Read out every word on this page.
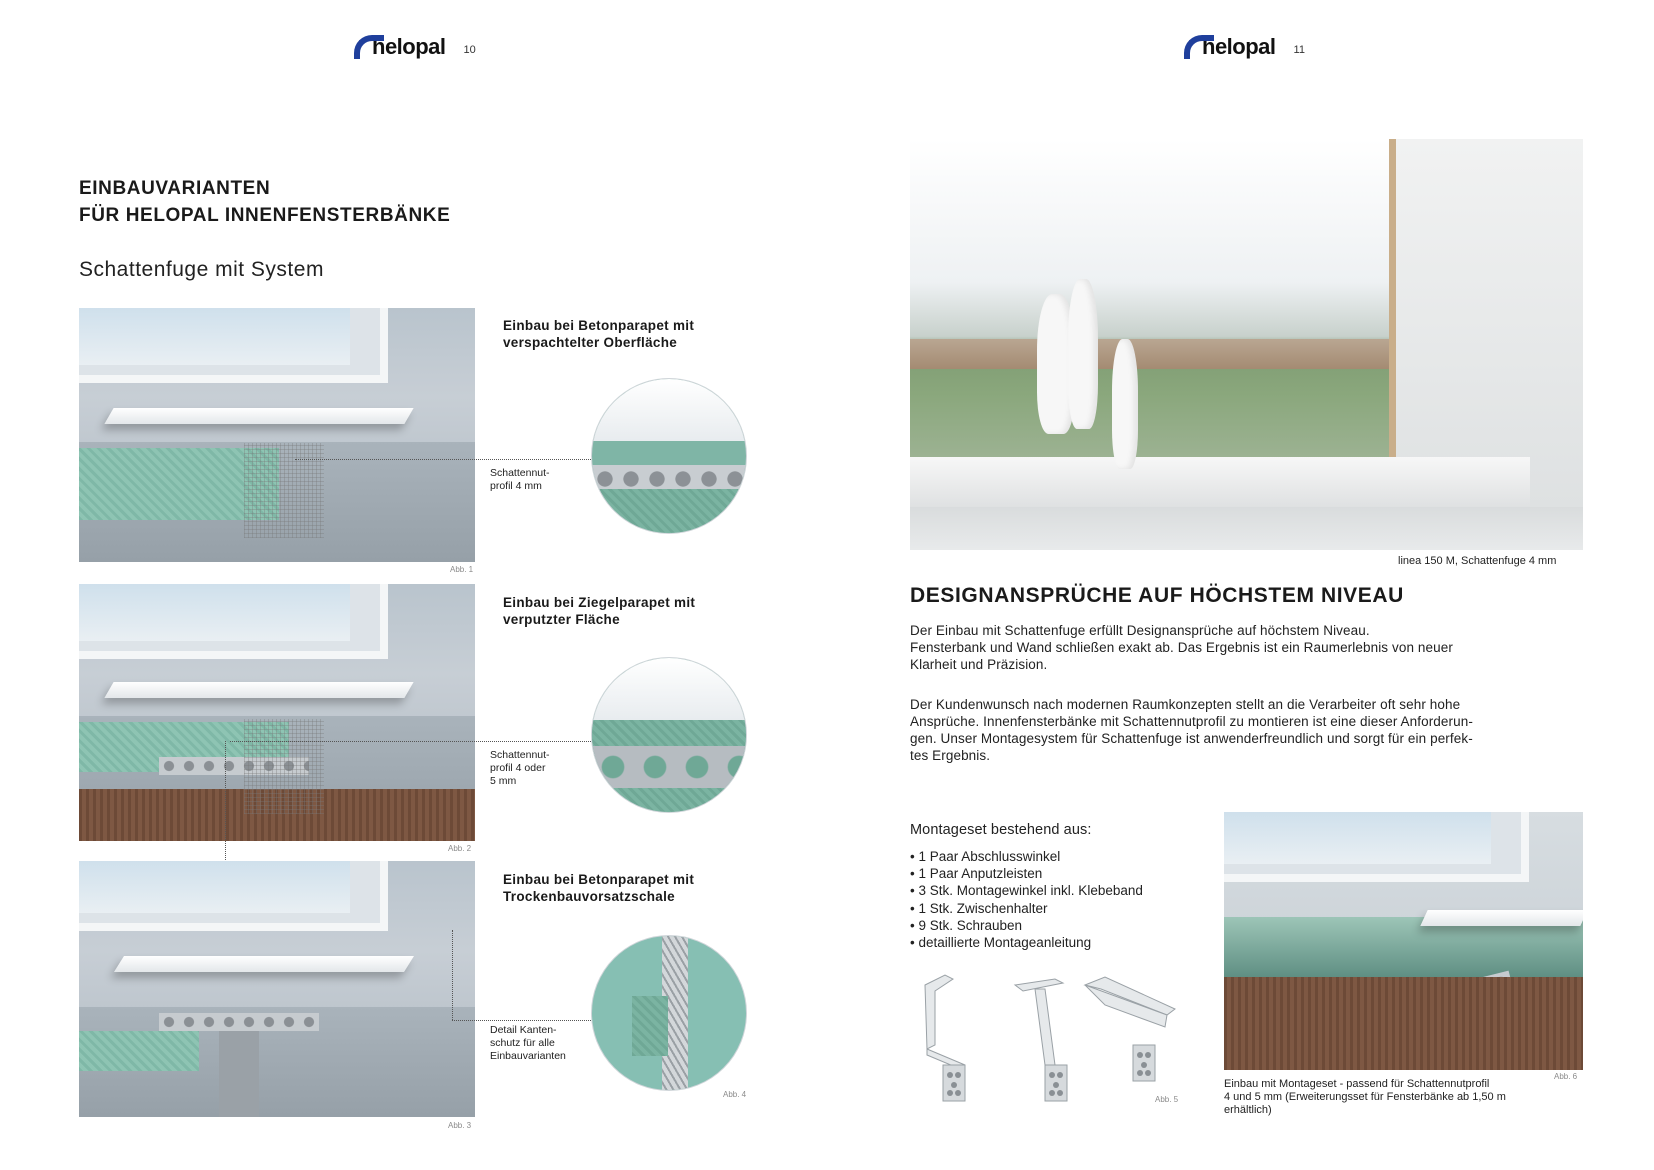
helopal 10	helopal 11
EINBAUVARIANTEN
FÜR HELOPAL INNENFENSTERBÄNKE
Schattenfuge mit System
Abb. 1
Einbau bei Betonparapet mit
verspachtelter Oberfläche
Schattennut-
profil 4 mm
Abb. 2
Einbau bei Ziegelparapet mit
verputzter Fläche
Schattennut-
profil 4 oder
5 mm
Abb. 3
Einbau bei Betonparapet mit
Trockenbauvorsatzschale
Detail Kanten-
schutz für alle
Einbauvarianten
Abb. 4
linea 150 M, Schattenfuge 4 mm
DESIGNANSPRÜCHE AUF HÖCHSTEM NIVEAU
Der Einbau mit Schattenfuge erfüllt Designansprüche auf höchstem Niveau.
Fensterbank und Wand schließen exakt ab. Das Ergebnis ist ein Raumerlebnis von neuer
Klarheit und Präzision.
Der Kundenwunsch nach modernen Raumkonzepten stellt an die Verarbeiter oft sehr hohe
Ansprüche. Innenfensterbänke mit Schattennutprofil zu montieren ist eine dieser Anforderun-
gen. Unser Montagesystem für Schattenfuge ist anwenderfreundlich und sorgt für ein perfek-
tes Ergebnis.
Montageset bestehend aus:
• 1 Paar Abschlusswinkel
• 1 Paar Anputzleisten
• 3 Stk. Montagewinkel inkl. Klebeband
• 1 Stk. Zwischenhalter
• 9 Stk. Schrauben
• detaillierte Montageanleitung
Abb. 5
Abb. 6
Einbau mit Montageset - passend für Schattennutprofil
4 und 5 mm (Erweiterungsset für Fensterbänke ab 1,50 m
erhältlich)
